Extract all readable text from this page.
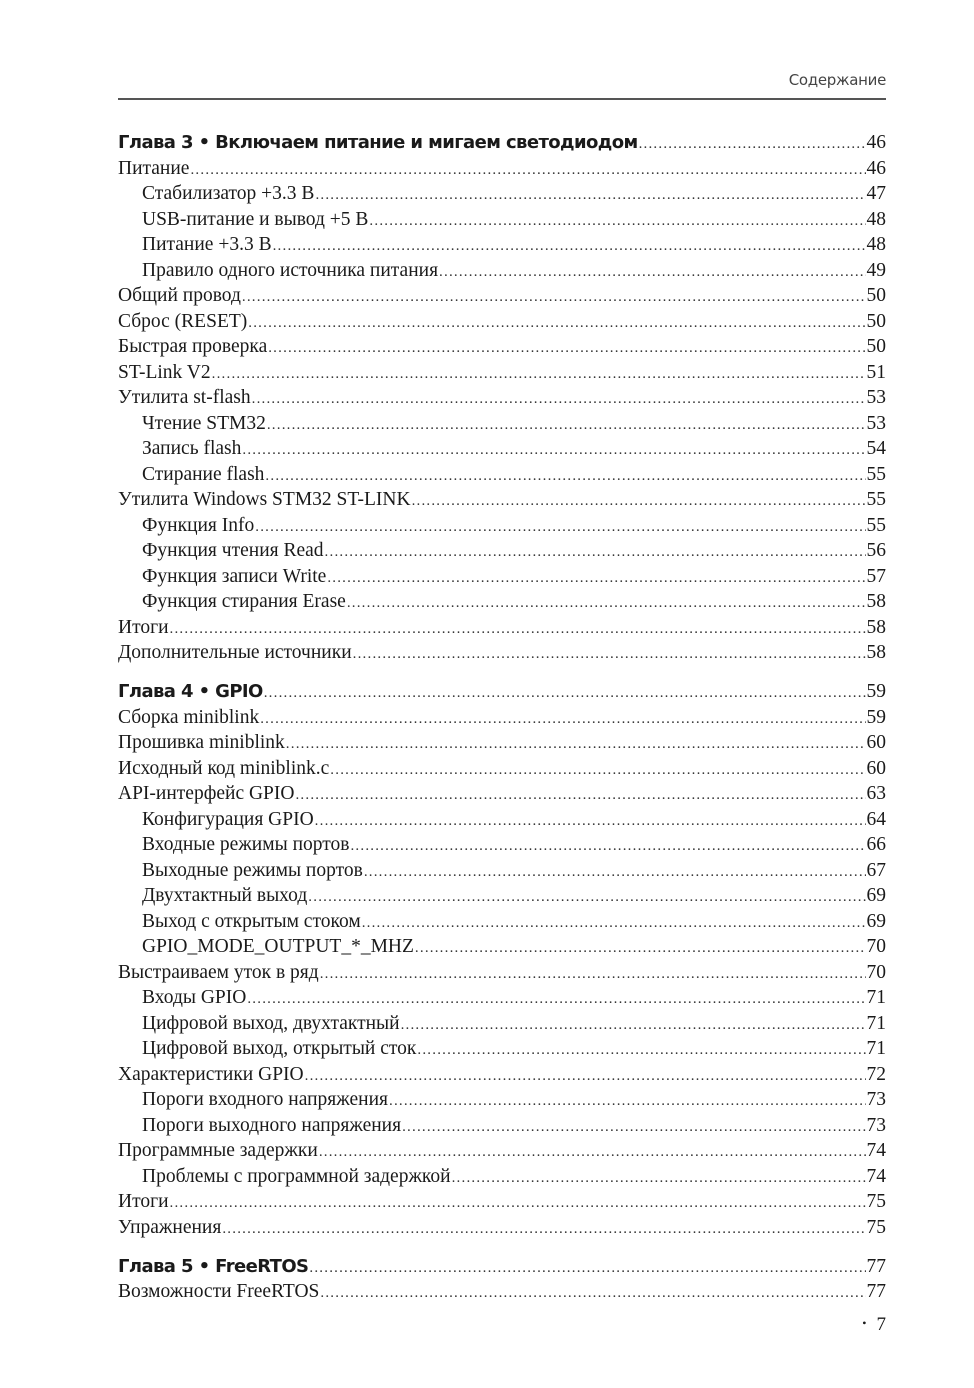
Содержание
Глава 3 • Включаем питание и мигаем светодиодом .....	46
Питание .....	46
Стабилизатор +3.3 В .....	47
USB-питание и вывод +5 В .....	48
Питание +3.3 В .....	48
Правило одного источника питания .....	49
Общий провод .....	50
Сброс (RESET) .....	50
Быстрая проверка .....	50
ST-Link V2 .....	51
Утилита st-flash .....	53
Чтение STM32 .....	53
Запись flash .....	54
Стирание flash .....	55
Утилита Windows STM32 ST-LINK .....	55
Функция Info .....	55
Функция чтения Read .....	56
Функция записи Write .....	57
Функция стирания Erase .....	58
Итоги .....	58
Дополнительные источники .....	58
Глава 4 • GPIO .....	59
Сборка miniblink .....	59
Прошивка miniblink .....	60
Исходный код miniblink.c .....	60
API-интерфейс GPIO .....	63
Конфигурация GPIO .....	64
Входные режимы портов .....	66
Выходные режимы портов .....	67
Двухтактный выход .....	69
Выход с открытым стоком .....	69
GPIO_MODE_OUTPUT_*_MHZ .....	70
Выстраиваем уток в ряд .....	70
Входы GPIO .....	71
Цифровой выход, двухтактный .....	71
Цифровой выход, открытый сток .....	71
Характеристики GPIO .....	72
Пороги входного напряжения .....	73
Пороги выходного напряжения .....	73
Программные задержки .....	74
Проблемы с программной задержкой .....	74
Итоги .....	75
Упражнения .....	75
Глава 5 • FreeRTOS .....	77
Возможности FreeRTOS .....	77
• 7
